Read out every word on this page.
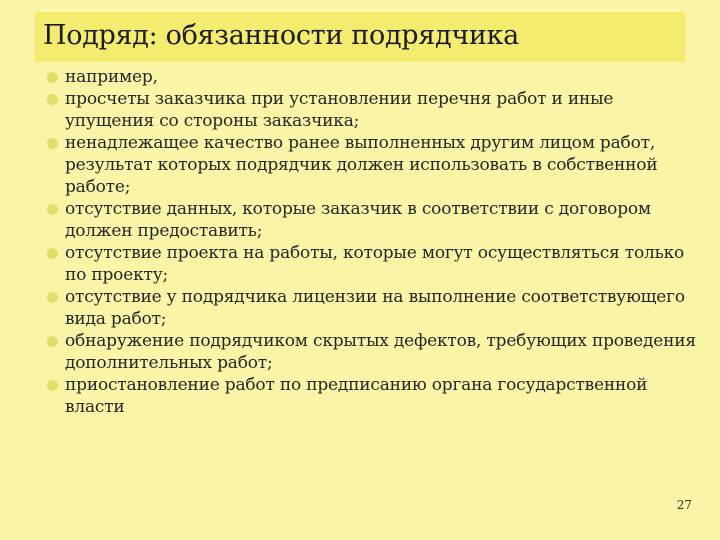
Подряд: обязанности подрядчика
например,
просчеты заказчика при установлении перечня работ и иные упущения со стороны заказчика;
ненадлежащее качество ранее выполненных другим лицом работ, результат которых подрядчик должен использовать в собственной работе;
отсутствие данных, которые заказчик в соответствии с договором должен предоставить;
отсутствие проекта на работы, которые могут осуществляться только по проекту;
отсутствие у подрядчика лицензии на выполнение соответствующего вида работ;
обнаружение подрядчиком скрытых дефектов, требующих проведения дополнительных работ;
приостановление работ по предписанию органа государственной власти
27
